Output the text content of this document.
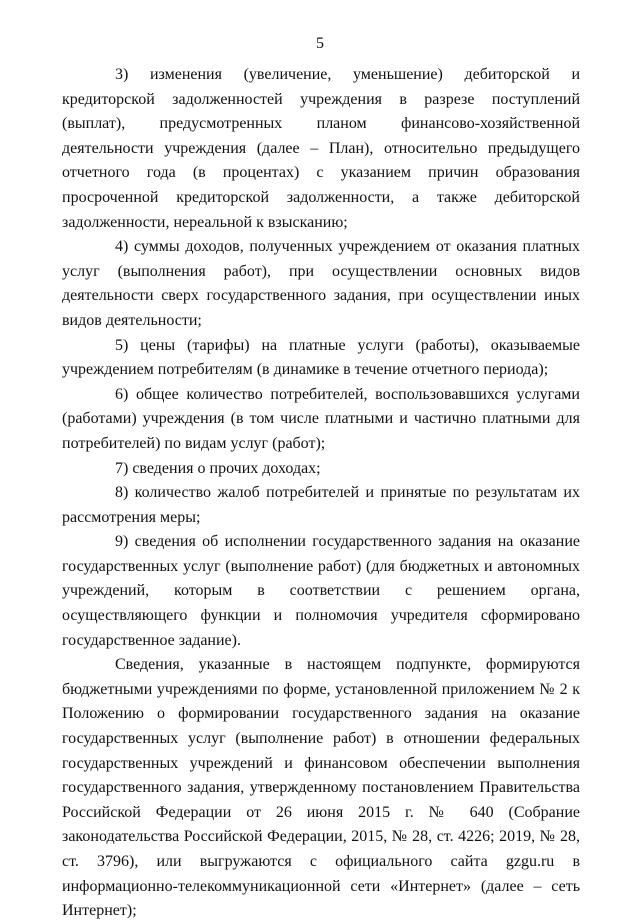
5

3) изменения (увеличение, уменьшение) дебиторской и кредиторской задолженностей учреждения в разрезе поступлений (выплат), предусмотренных планом финансово-хозяйственной деятельности учреждения (далее – План), относительно предыдущего отчетного года (в процентах) с указанием причин образования просроченной кредиторской задолженности, а также дебиторской задолженности, нереальной к взысканию;

4) суммы доходов, полученных учреждением от оказания платных услуг (выполнения работ), при осуществлении основных видов деятельности сверх государственного задания, при осуществлении иных видов деятельности;

5) цены (тарифы) на платные услуги (работы), оказываемые учреждением потребителям (в динамике в течение отчетного периода);

6) общее количество потребителей, воспользовавшихся услугами (работами) учреждения (в том числе платными и частично платными для потребителей) по видам услуг (работ);

7) сведения о прочих доходах;

8) количество жалоб потребителей и принятые по результатам их рассмотрения меры;

9) сведения об исполнении государственного задания на оказание государственных услуг (выполнение работ) (для бюджетных и автономных учреждений, которым в соответствии с решением органа, осуществляющего функции и полномочия учредителя сформировано государственное задание).

Сведения, указанные в настоящем подпункте, формируются бюджетными учреждениями по форме, установленной приложением № 2 к Положению о формировании государственного задания на оказание государственных услуг (выполнение работ) в отношении федеральных государственных учреждений и финансовом обеспечении выполнения государственного задания, утвержденному постановлением Правительства Российской Федерации от 26 июня 2015 г. № 640 (Собрание законодательства Российской Федерации, 2015, № 28, ст. 4226; 2019, № 28, ст. 3796), или выгружаются с официального сайта gzgu.ru в информационно-телекоммуникационной сети «Интернет» (далее – сеть Интернет);
